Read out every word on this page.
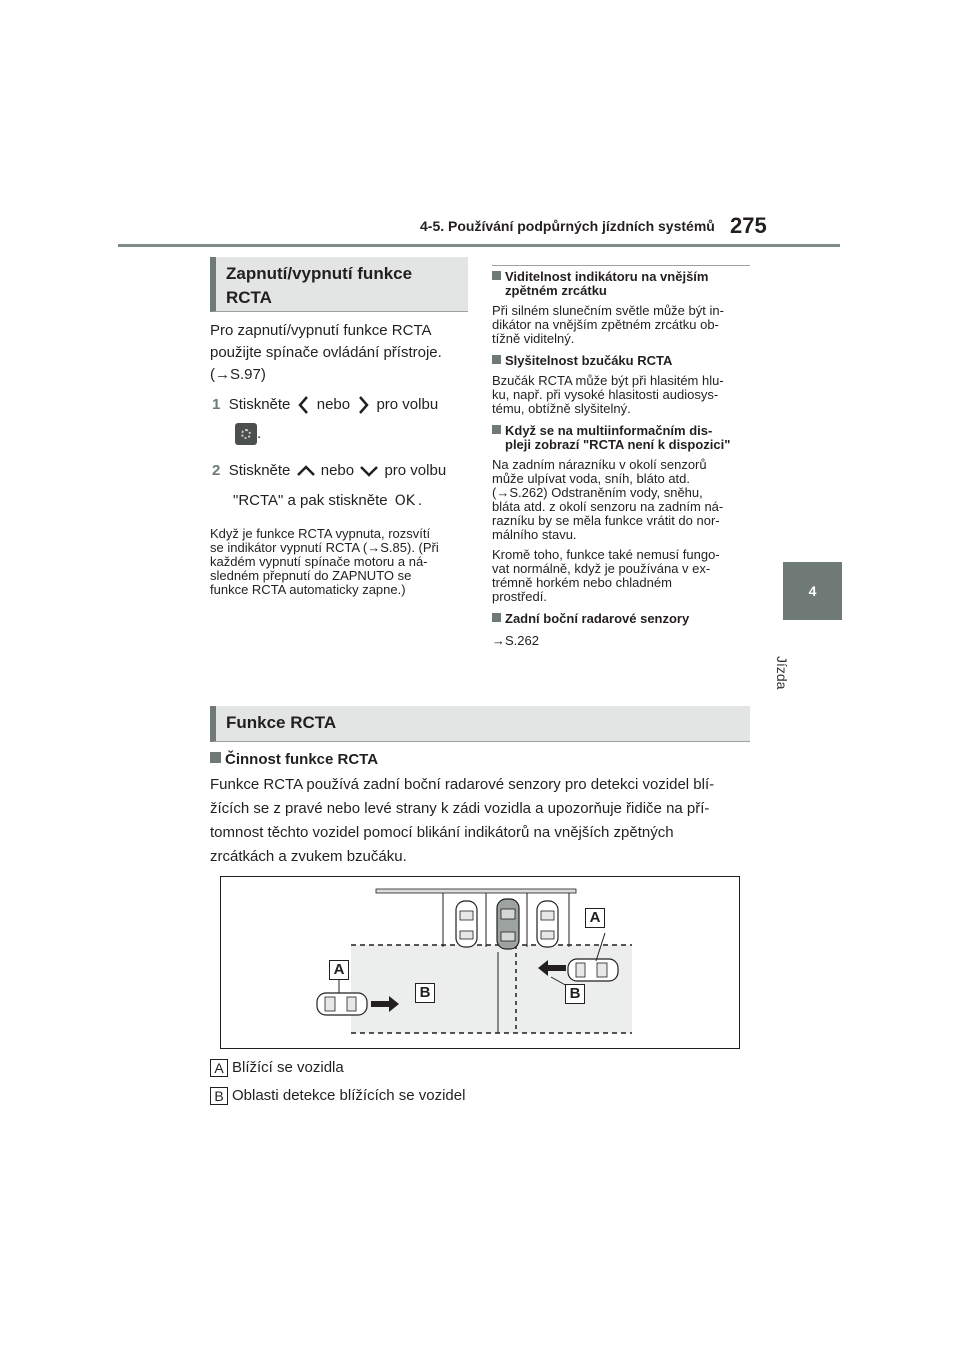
4-5. Používání podpůrných jízdních systémů 275
4
Jízda
Zapnutí/vypnutí funkce
RCTA
Pro zapnutí/vypnutí funkce RCTA
použijte spínače ovládání přístroje.
(→S.97)
1 Stiskněte nebo pro volbu
.
2 Stiskněte nebo pro volbu
"RCTA" a pak stiskněte OK .
Když je funkce RCTA vypnuta, rozsvítí
se indikátor vypnutí RCTA (→S.85). (Při
každém vypnutí spínače motoru a ná-
sledném přepnutí do ZAPNUTO se
funkce RCTA automaticky zapne.)
Viditelnost indikátoru na vnějším
zpětném zrcátku
Při silném slunečním světle může být in-
dikátor na vnějším zpětném zrcátku ob-
tížně viditelný.
Slyšitelnost bzučáku RCTA
Bzučák RCTA může být při hlasitém hlu-
ku, např. při vysoké hlasitosti audiosys-
tému, obtížně slyšitelný.
Když se na multiinformačním dis-
pleji zobrazí "RCTA není k dispozici"
Na zadním nárazníku v okolí senzorů
může ulpívat voda, sníh, bláto atd.
(→S.262) Odstraněním vody, sněhu,
bláta atd. z okolí senzoru na zadním ná-
razníku by se měla funkce vrátit do nor-
málního stavu.
Kromě toho, funkce také nemusí fungo-
vat normálně, když je používána v ex-
trémně horkém nebo chladném
prostředí.
Zadní boční radarové senzory
→S.262
Funkce RCTA
Činnost funkce RCTA
Funkce RCTA používá zadní boční radarové senzory pro detekci vozidel blí-
žících se z pravé nebo levé strany k zádi vozidla a upozorňuje řidiče na pří-
tomnost těchto vozidel pomocí blikání indikátorů na vnějších zpětných
zrcátkách a zvukem bzučáku.
A
A
B	B
A Blížící se vozidla
B Oblasti detekce blížících se vozidel
